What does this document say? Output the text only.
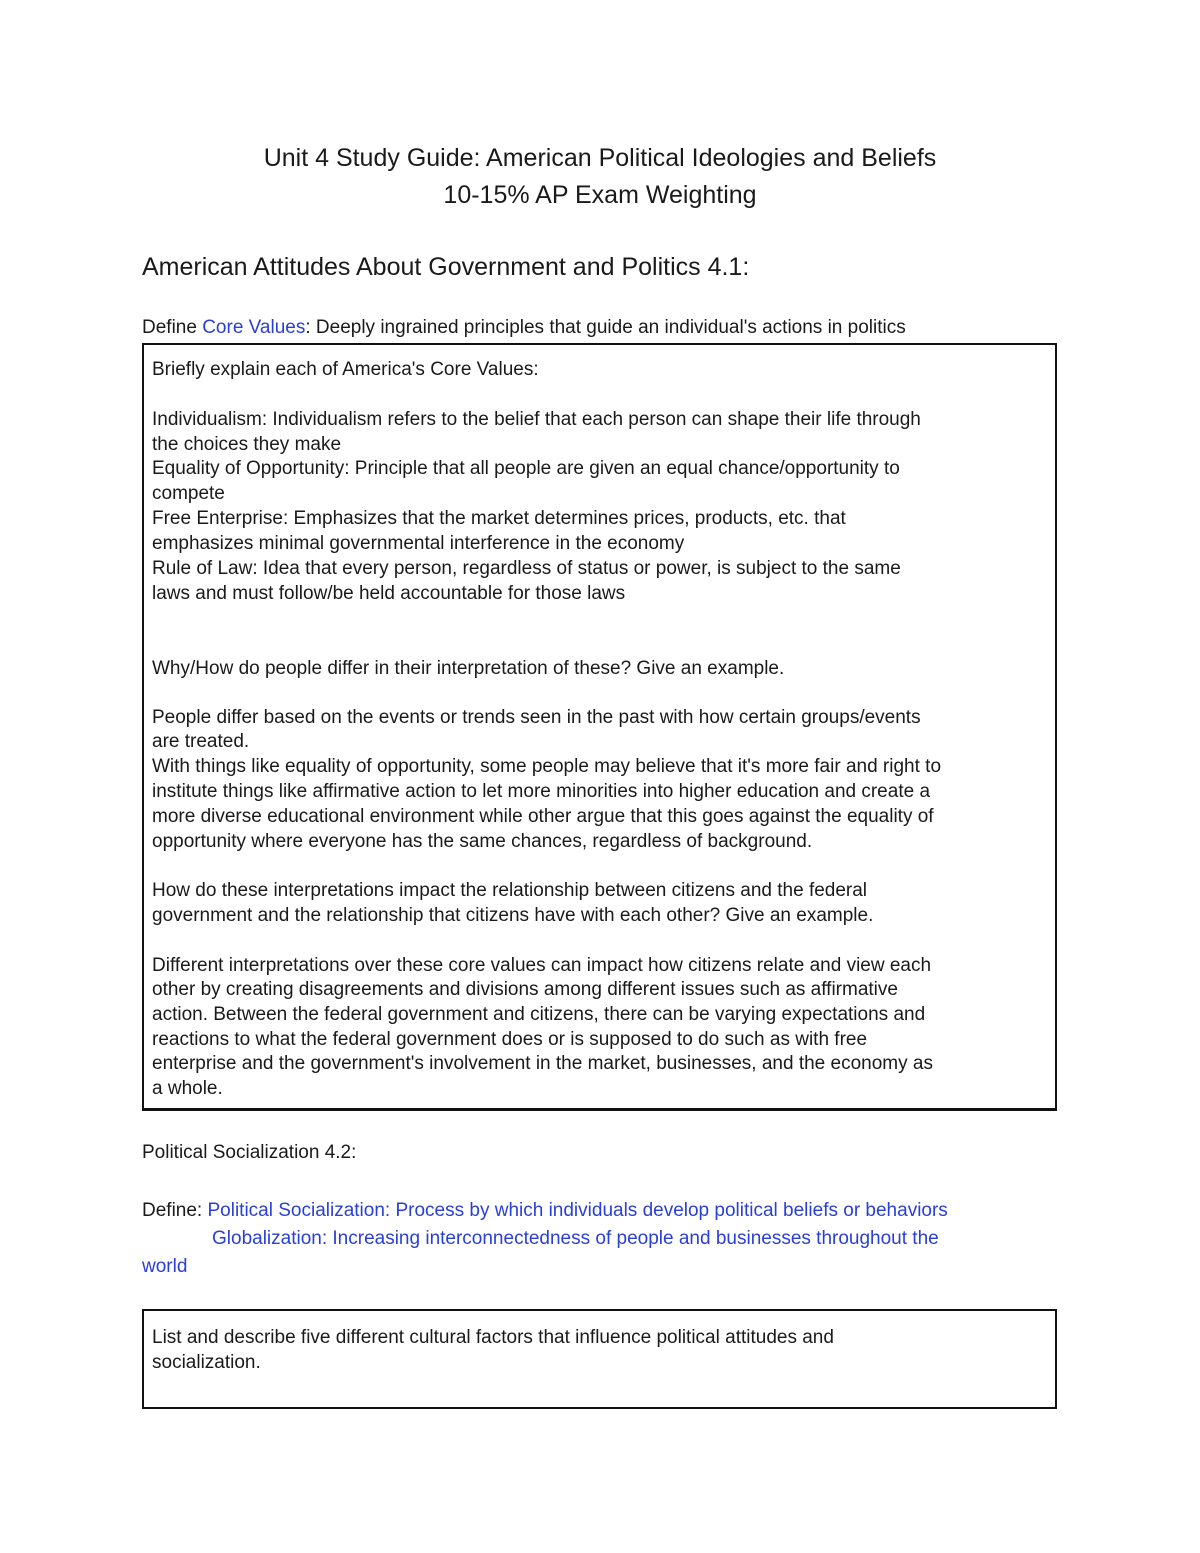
Unit 4 Study Guide: American Political Ideologies and Beliefs
10-15% AP Exam Weighting
American Attitudes About Government and Politics 4.1:
Define Core Values: Deeply ingrained principles that guide an individual's actions in politics
Briefly explain each of America's Core Values:
Individualism: Individualism refers to the belief that each person can shape their life through
the choices they make
Equality of Opportunity: Principle that all people are given an equal chance/opportunity to
compete
Free Enterprise: Emphasizes that the market determines prices, products, etc. that
emphasizes minimal governmental interference in the economy
Rule of Law: Idea that every person, regardless of status or power, is subject to the same
laws and must follow/be held accountable for those laws
Why/How do people differ in their interpretation of these? Give an example.
People differ based on the events or trends seen in the past with how certain groups/events
are treated.
With things like equality of opportunity, some people may believe that it's more fair and right to
institute things like affirmative action to let more minorities into higher education and create a
more diverse educational environment while other argue that this goes against the equality of
opportunity where everyone has the same chances, regardless of background.
How do these interpretations impact the relationship between citizens and the federal
government and the relationship that citizens have with each other? Give an example.
Different interpretations over these core values can impact how citizens relate and view each
other by creating disagreements and divisions among different issues such as affirmative
action. Between the federal government and citizens, there can be varying expectations and
reactions to what the federal government does or is supposed to do such as with free
enterprise and the government's involvement in the market, businesses, and the economy as
a whole.
Political Socialization 4.2:
Define: Political Socialization: Process by which individuals develop political beliefs or behaviors
Globalization: Increasing interconnectedness of people and businesses throughout the
world
List and describe five different cultural factors that influence political attitudes and
socialization.
